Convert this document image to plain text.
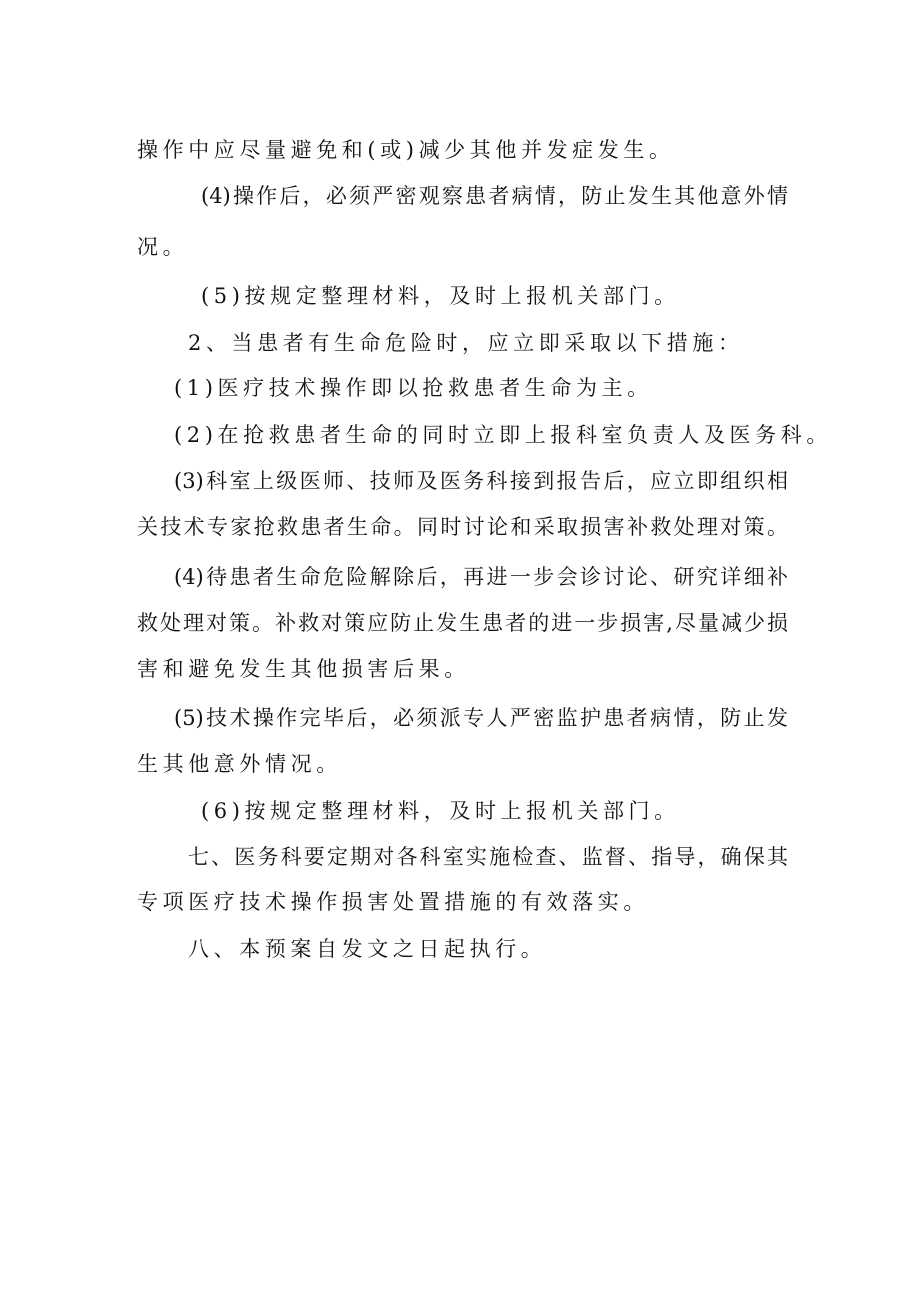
操作中应尽量避免和(或)减少其他并发症发生。
(4)操作后，必须严密观察患者病情，防止发生其他意外情
况。
(5)按规定整理材料，及时上报机关部门。
2、当患者有生命危险时，应立即采取以下措施：
(1)医疗技术操作即以抢救患者生命为主。
(2)在抢救患者生命的同时立即上报科室负责人及医务科。
(3)科室上级医师、技师及医务科接到报告后，应立即组织相
关技术专家抢救患者生命。同时讨论和采取损害补救处理对策。
(4)待患者生命危险解除后，再进一步会诊讨论、研究详细补
救处理对策。补救对策应防止发生患者的进一步损害,尽量减少损
害和避免发生其他损害后果。
(5)技术操作完毕后，必须派专人严密监护患者病情，防止发
生其他意外情况。
(6)按规定整理材料，及时上报机关部门。
七、医务科要定期对各科室实施检查、监督、指导，确保其
专项医疗技术操作损害处置措施的有效落实。
八、本预案自发文之日起执行。
